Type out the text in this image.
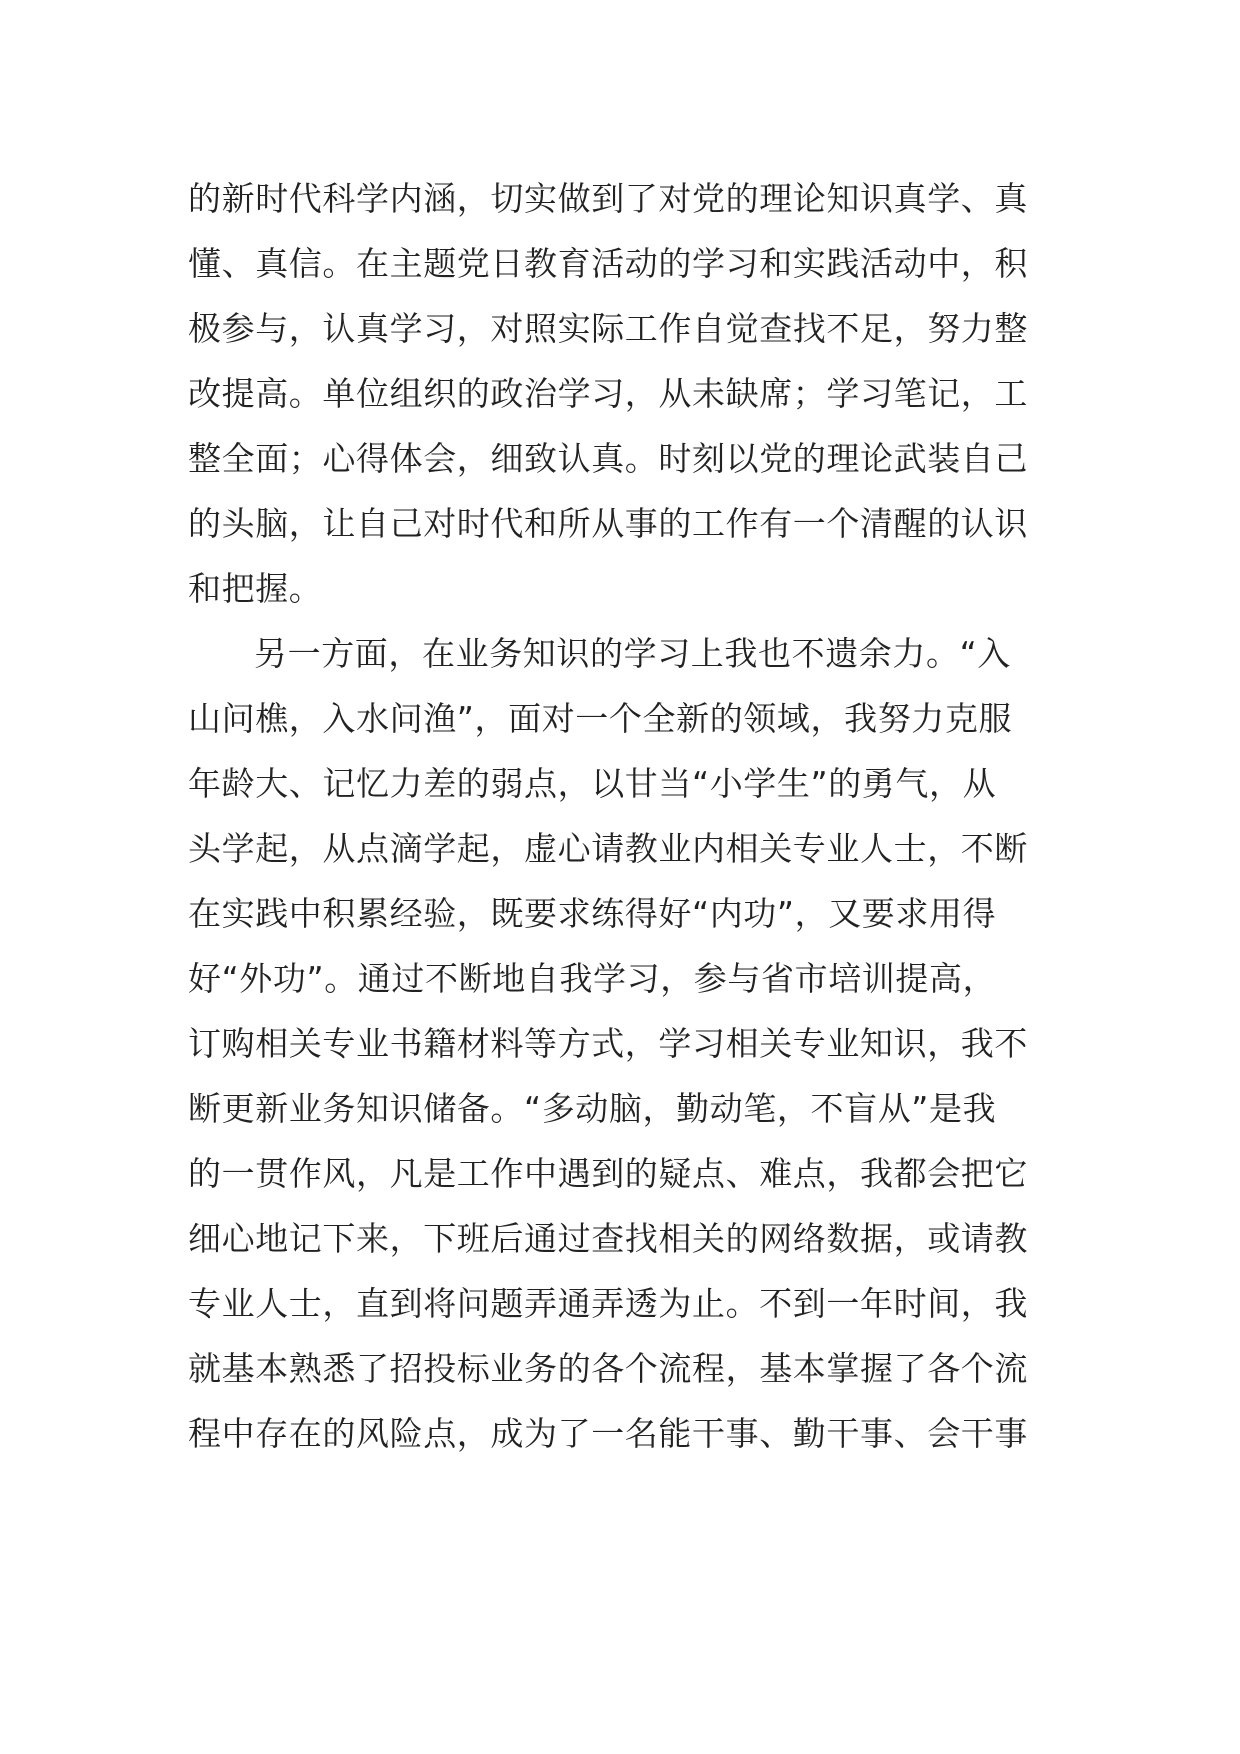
的新时代科学内涵，切实做到了对党的理论知识真学、真
懂、真信。在主题党日教育活动的学习和实践活动中，积
极参与，认真学习，对照实际工作自觉查找不足，努力整
改提高。单位组织的政治学习，从未缺席；学习笔记，工
整全面；心得体会，细致认真。时刻以党的理论武装自己
的头脑，让自己对时代和所从事的工作有一个清醒的认识
和把握。
另一方面，在业务知识的学习上我也不遗余力。“入
山问樵，入水问渔”，面对一个全新的领域，我努力克服
年龄大、记忆力差的弱点，以甘当“小学生”的勇气，从
头学起，从点滴学起，虚心请教业内相关专业人士，不断
在实践中积累经验，既要求练得好“内功”，又要求用得
好“外功”。通过不断地自我学习，参与省市培训提高，
订购相关专业书籍材料等方式，学习相关专业知识，我不
断更新业务知识储备。“多动脑，勤动笔，不盲从”是我
的一贯作风，凡是工作中遇到的疑点、难点，我都会把它
细心地记下来，下班后通过查找相关的网络数据，或请教
专业人士，直到将问题弄通弄透为止。不到一年时间，我
就基本熟悉了招投标业务的各个流程，基本掌握了各个流
程中存在的风险点，成为了一名能干事、勤干事、会干事
